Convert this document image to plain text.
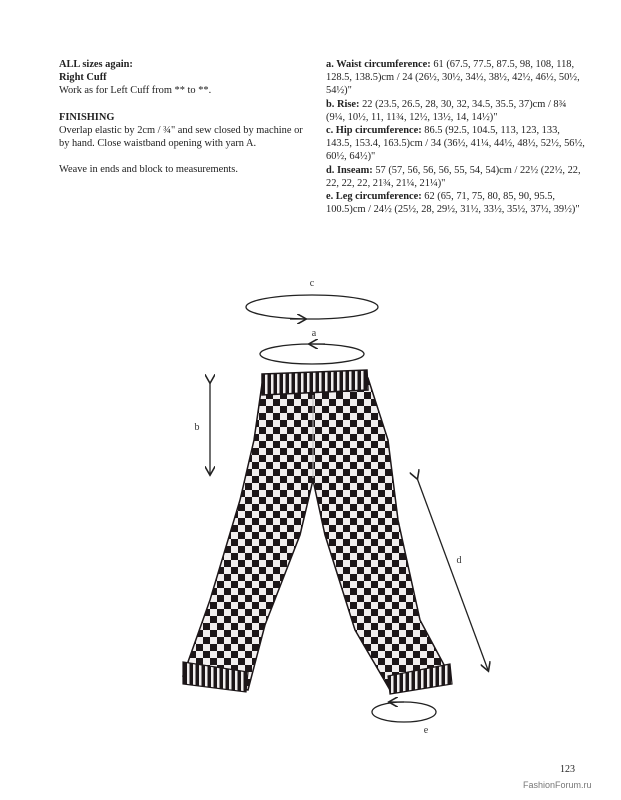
ALL sizes again:

Right Cuff

Work as for Left Cuff from ** to **.

FINISHING

Overlap elastic by 2cm / ¾" and sew closed by machine or by hand. Close waistband opening with yarn A.

Weave in ends and block to measurements.

a. Waist circumference: 61 (67.5, 77.5, 87.5, 98, 108, 118, 128.5, 138.5)cm / 24 (26½, 30½, 34½, 38½, 42½, 46½, 50½, 54½)"

b. Rise: 22 (23.5, 26.5, 28, 30, 32, 34.5, 35.5, 37)cm / 8¾ (9¼, 10½, 11, 11¾, 12½, 13½, 14, 14½)"

c. Hip circumference: 86.5 (92.5, 104.5, 113, 123, 133, 143.5, 153.4, 163.5)cm / 34 (36½, 41¼, 44½, 48½, 52½, 56½, 60½, 64½)"

d. Inseam: 57 (57, 56, 56, 56, 55, 54, 54)cm / 22½ (22½, 22, 22, 22, 22, 21¾, 21¼, 21¼)"

e. Leg circumference: 62 (65, 71, 75, 80, 85, 90, 95.5, 100.5)cm / 24½ (25½, 28, 29½, 31½, 33½, 35½, 37½, 39½)"

c
a
b
d
e
123
FashionForum.ru
